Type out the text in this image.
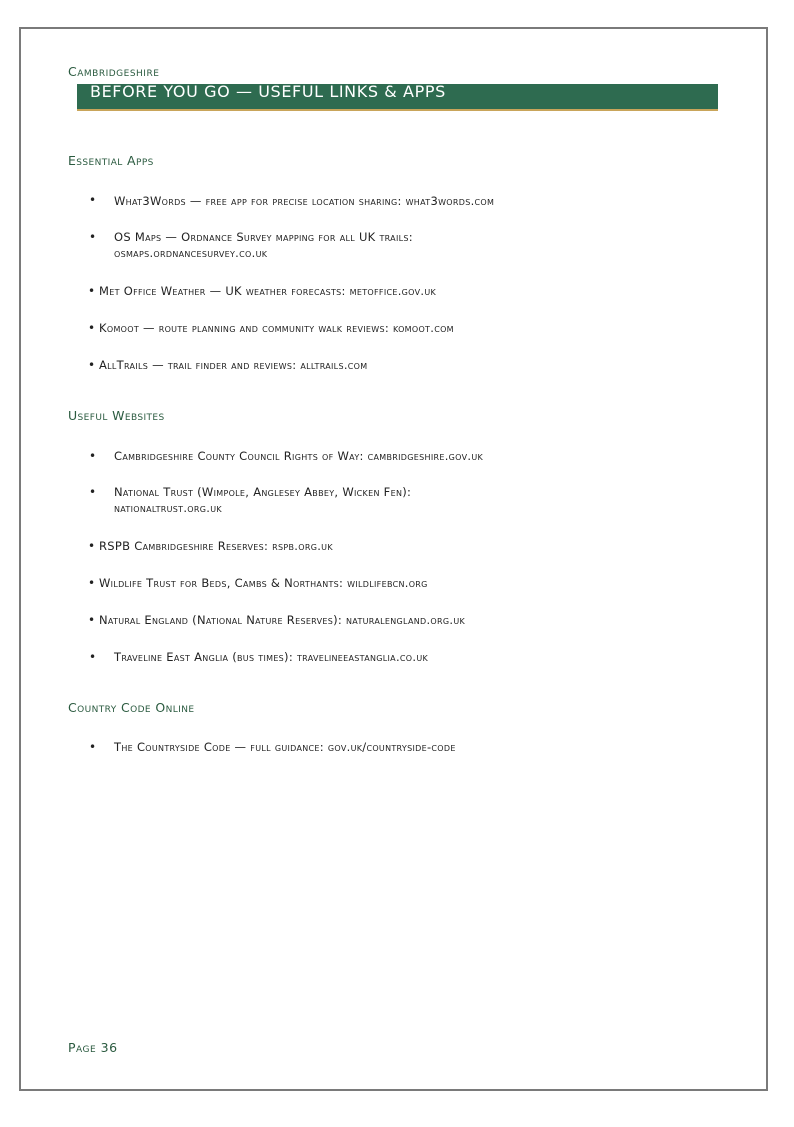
Cambridgeshire
BEFORE YOU GO — USEFUL LINKS & APPS
Essential Apps
• What3Words — free app for precise location sharing: what3words.com
• OS Maps — Ordnance Survey mapping for all UK trails:
osmaps.ordnancesurvey.co.uk
• Met Office Weather — UK weather forecasts: metoffice.gov.uk
• Komoot — route planning and community walk reviews: komoot.com
• AllTrails — trail finder and reviews: alltrails.com
Useful Websites
• Cambridgeshire County Council Rights of Way: cambridgeshire.gov.uk
• National Trust (Wimpole, Anglesey Abbey, Wicken Fen):
nationaltrust.org.uk
• RSPB Cambridgeshire Reserves: rspb.org.uk
• Wildlife Trust for Beds, Cambs & Northants: wildlifebcn.org
• Natural England (National Nature Reserves): naturalengland.org.uk
• Traveline East Anglia (bus times): travelineeastanglia.co.uk
Country Code Online
• The Countryside Code — full guidance: gov.uk/countryside-code
Page 36
